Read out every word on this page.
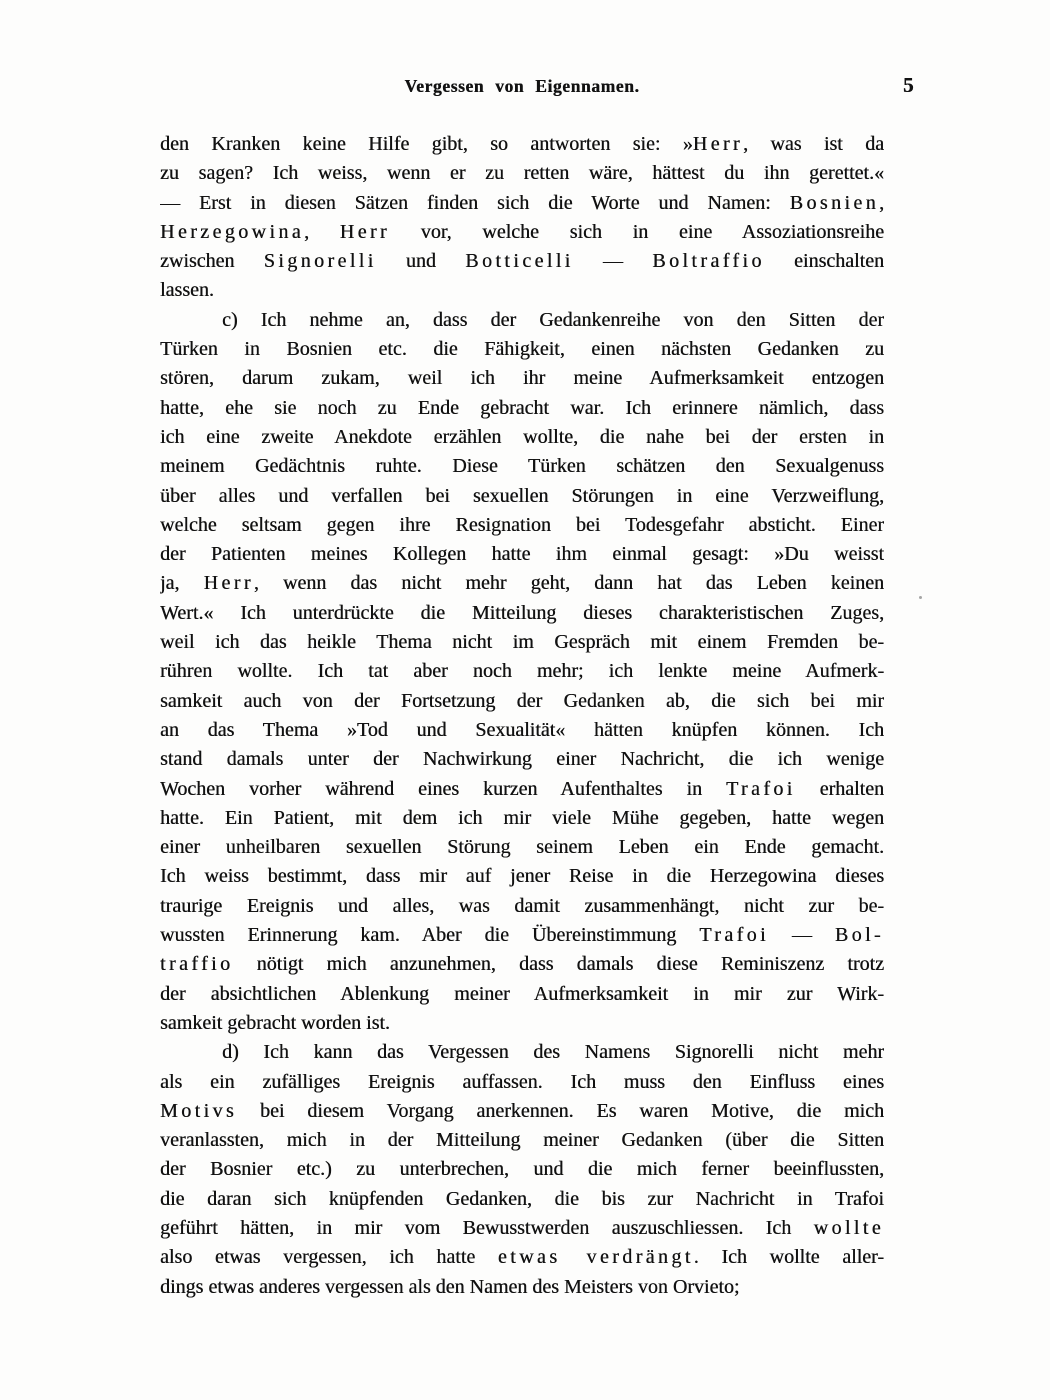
Vergessen von Eigennamen.	5
den Kranken keine Hilfe gibt, so antworten sie: »Herr, was ist da
zu sagen? Ich weiss, wenn er zu retten wäre, hättest du ihn gerettet.«
— Erst in diesen Sätzen finden sich die Worte und Namen: Bosnien,
Herzegowina, Herr vor, welche sich in eine Assoziationsreihe
zwischen Signorelli und Botticelli — Boltraffio einschalten
lassen.
c) Ich nehme an, dass der Gedankenreihe von den Sitten der
Türken in Bosnien etc. die Fähigkeit, einen nächsten Gedanken zu
stören, darum zukam, weil ich ihr meine Aufmerksamkeit entzogen
hatte, ehe sie noch zu Ende gebracht war. Ich erinnere nämlich, dass
ich eine zweite Anekdote erzählen wollte, die nahe bei der ersten in
meinem Gedächtnis ruhte. Diese Türken schätzen den Sexualgenuss
über alles und verfallen bei sexuellen Störungen in eine Verzweiflung,
welche seltsam gegen ihre Resignation bei Todesgefahr absticht. Einer
der Patienten meines Kollegen hatte ihm einmal gesagt: »Du weisst
ja, Herr, wenn das nicht mehr geht, dann hat das Leben keinen
Wert.« Ich unterdrückte die Mitteilung dieses charakteristischen Zuges,
weil ich das heikle Thema nicht im Gespräch mit einem Fremden be-
rühren wollte. Ich tat aber noch mehr; ich lenkte meine Aufmerk-
samkeit auch von der Fortsetzung der Gedanken ab, die sich bei mir
an das Thema »Tod und Sexualität« hätten knüpfen können. Ich
stand damals unter der Nachwirkung einer Nachricht, die ich wenige
Wochen vorher während eines kurzen Aufenthaltes in Trafoi erhalten
hatte. Ein Patient, mit dem ich mir viele Mühe gegeben, hatte wegen
einer unheilbaren sexuellen Störung seinem Leben ein Ende gemacht.
Ich weiss bestimmt, dass mir auf jener Reise in die Herzegowina dieses
traurige Ereignis und alles, was damit zusammenhängt, nicht zur be-
wussten Erinnerung kam. Aber die Übereinstimmung Trafoi — Bol-
traffio nötigt mich anzunehmen, dass damals diese Reminiszenz trotz
der absichtlichen Ablenkung meiner Aufmerksamkeit in mir zur Wirk-
samkeit gebracht worden ist.
d) Ich kann das Vergessen des Namens Signorelli nicht mehr
als ein zufälliges Ereignis auffassen. Ich muss den Einfluss eines
Motivs bei diesem Vorgang anerkennen. Es waren Motive, die mich
veranlassten, mich in der Mitteilung meiner Gedanken (über die Sitten
der Bosnier etc.) zu unterbrechen, und die mich ferner beeinflussten,
die daran sich knüpfenden Gedanken, die bis zur Nachricht in Trafoi
geführt hätten, in mir vom Bewusstwerden auszuschliessen. Ich wollte
also etwas vergessen, ich hatte etwas verdrängt. Ich wollte aller-
dings etwas anderes vergessen als den Namen des Meisters von Orvieto;
